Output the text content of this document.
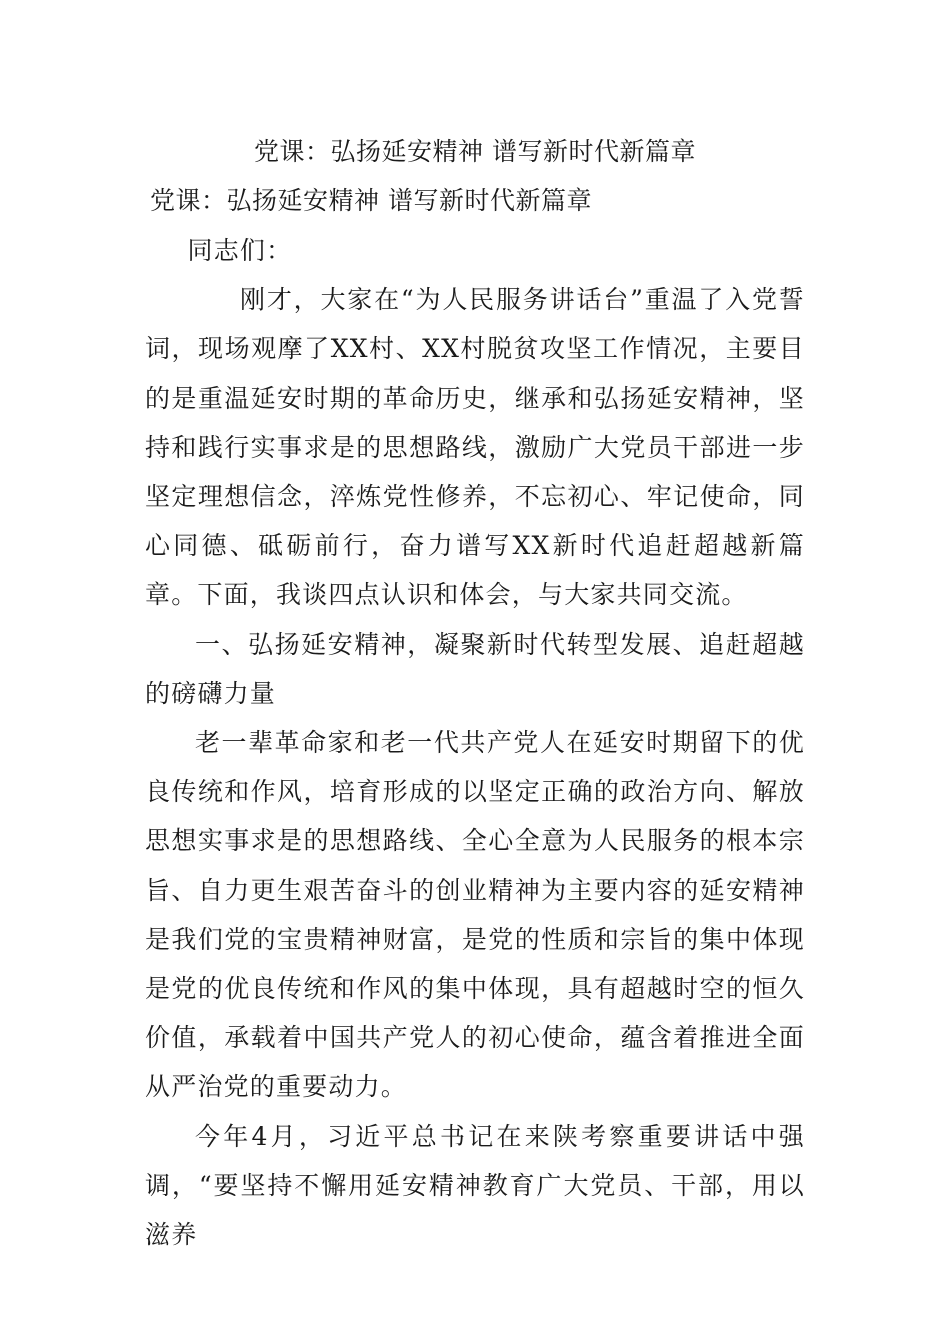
党课：弘扬延安精神 谱写新时代新篇章
党课：弘扬延安精神 谱写新时代新篇章

同志们：

刚才，大家在“为人民服务讲话台”重温了入党誓词，现场观摩了XX村、XX村脱贫攻坚工作情况，主要目的是重温延安时期的革命历史，继承和弘扬延安精神，坚持和践行实事求是的思想路线，激励广大党员干部进一步坚定理想信念，淬炼党性修养，不忘初心、牢记使命，同心同德、砥砺前行，奋力谱写XX新时代追赶超越新篇章。下面，我谈四点认识和体会，与大家共同交流。

一、弘扬延安精神，凝聚新时代转型发展、追赶超越的磅礴力量

老一辈革命家和老一代共产党人在延安时期留下的优良传统和作风，培育形成的以坚定正确的政治方向、解放思想实事求是的思想路线、全心全意为人民服务的根本宗旨、自力更生艰苦奋斗的创业精神为主要内容的延安精神是我们党的宝贵精神财富，是党的性质和宗旨的集中体现是党的优良传统和作风的集中体现，具有超越时空的恒久价值，承载着中国共产党人的初心使命，蕴含着推进全面从严治党的重要动力。

今年4月，习近平总书记在来陕考察重要讲话中强调，“要坚持不懈用延安精神教育广大党员、干部，用以滋养
